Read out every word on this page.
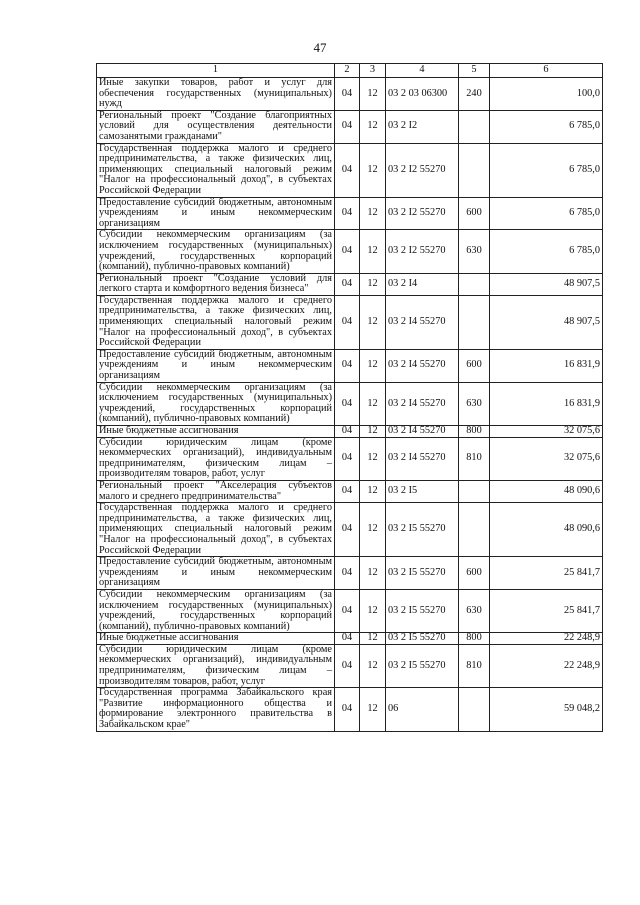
47
1	2	3	4	5	6
Иные закупки товаров, работ и услуг для обеспечения государственных (муниципальных) нужд	04	12	03 2 03 06300	240	100,0
Региональный проект "Создание благоприятных условий для осуществления деятельности самозанятыми гражданами"	04	12	03 2 I2		6 785,0
Государственная поддержка малого и среднего предпринимательства, а также физических лиц, применяющих специальный налоговый режим "Налог на профессиональный доход", в субъектах Российской Федерации	04	12	03 2 I2 55270		6 785,0
Предоставление субсидий бюджетным, автономным учреждениям и иным некоммерческим организациям	04	12	03 2 I2 55270	600	6 785,0
Субсидии некоммерческим организациям (за исключением государственных (муниципальных) учреждений, государственных корпораций (компаний), публично-правовых компаний)	04	12	03 2 I2 55270	630	6 785,0
Региональный проект "Создание условий для легкого старта и комфортного ведения бизнеса"	04	12	03 2 I4		48 907,5
Государственная поддержка малого и среднего предпринимательства, а также физических лиц, применяющих специальный налоговый режим "Налог на профессиональный доход", в субъектах Российской Федерации	04	12	03 2 I4 55270		48 907,5
Предоставление субсидий бюджетным, автономным учреждениям и иным некоммерческим организациям	04	12	03 2 I4 55270	600	16 831,9
Субсидии некоммерческим организациям (за исключением государственных (муниципальных) учреждений, государственных корпораций (компаний), публично-правовых компаний)	04	12	03 2 I4 55270	630	16 831,9
Иные бюджетные ассигнования	04	12	03 2 I4 55270	800	32 075,6
Субсидии юридическим лицам (кроме некоммерческих организаций), индивидуальным предпринимателям, физическим лицам – производителям товаров, работ, услуг	04	12	03 2 I4 55270	810	32 075,6
Региональный проект "Акселерация субъектов малого и среднего предпринимательства"	04	12	03 2 I5		48 090,6
Государственная поддержка малого и среднего предпринимательства, а также физических лиц, применяющих специальный налоговый режим "Налог на профессиональный доход", в субъектах Российской Федерации	04	12	03 2 I5 55270		48 090,6
Предоставление субсидий бюджетным, автономным учреждениям и иным некоммерческим организациям	04	12	03 2 I5 55270	600	25 841,7
Субсидии некоммерческим организациям (за исключением государственных (муниципальных) учреждений, государственных корпораций (компаний), публично-правовых компаний)	04	12	03 2 I5 55270	630	25 841,7
Иные бюджетные ассигнования	04	12	03 2 I5 55270	800	22 248,9
Субсидии юридическим лицам (кроме некоммерческих организаций), индивидуальным предпринимателям, физическим лицам – производителям товаров, работ, услуг	04	12	03 2 I5 55270	810	22 248,9
Государственная программа Забайкальского края "Развитие информационного общества и формирование электронного правительства в Забайкальском крае"	04	12	06		59 048,2
